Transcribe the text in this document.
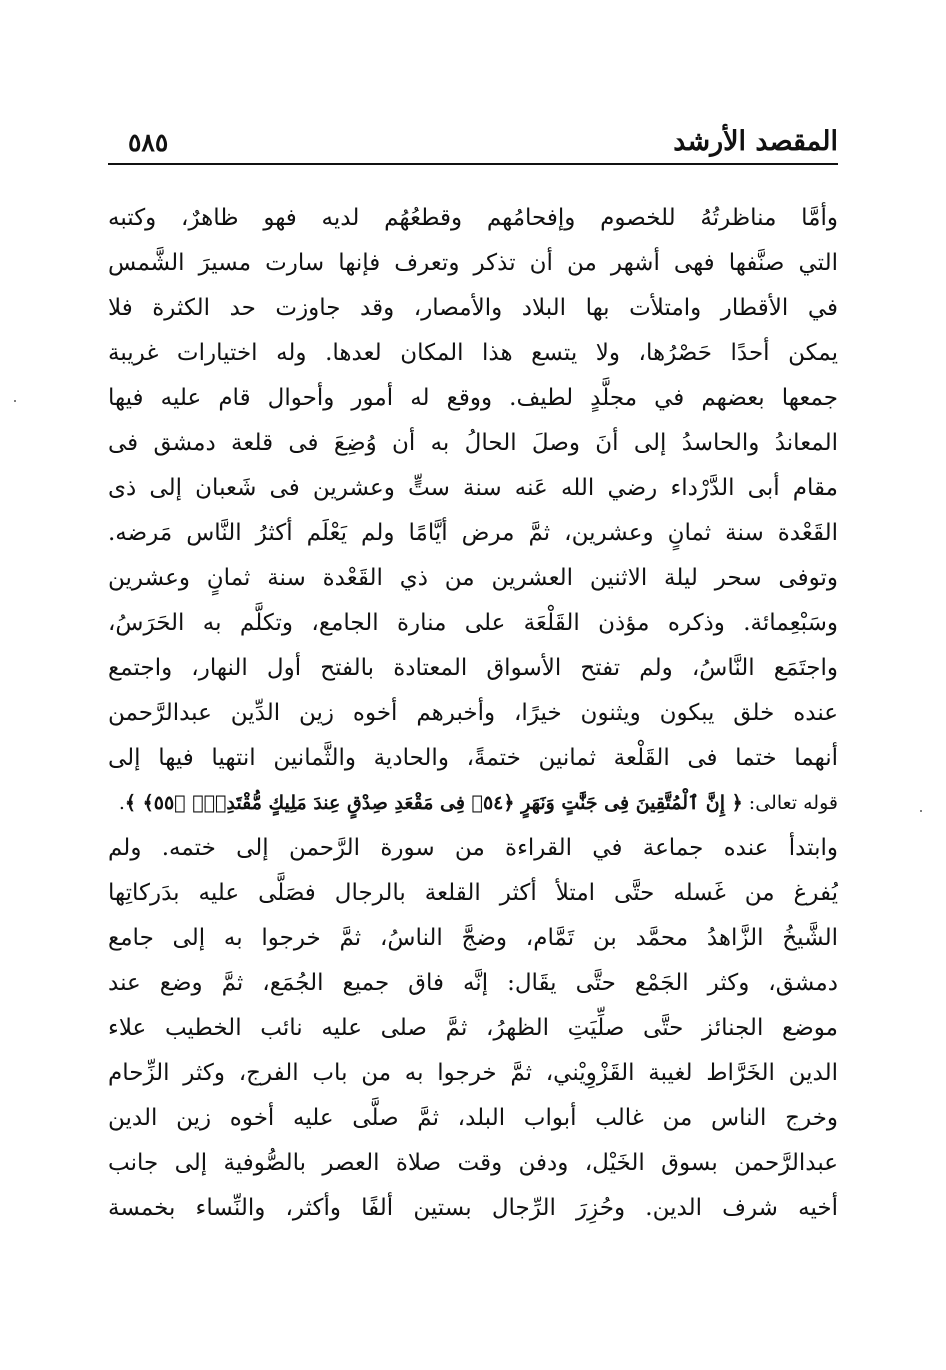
المقصد الأرشد
٥٨٥
وأمَّا مناظرتُهُ للخصوم وإفحامُهم وقطعُهُم لديه فهو ظاهرٌ، وكتبه
التي صنَّفها فهى أشهر من أن تذكر وتعرف فإنها سارت مسيرَ الشَّمس
في الأقطار وامتلأت بها البلاد والأمصار، وقد جاوزت حد الكثرة فلا
يمكن أحدًا حَصْرُها، ولا يتسع هذا المكان لعدها. وله اختيارات غريبة
جمعها بعضهم في مجلَّدٍ لطيف. ووقع له أمور وأحوال قام عليه فيها
المعاندُ والحاسدُ إلى أنَ وصلَ الحالُ به أن وُضِعَ فى قلعة دمشق فى
مقام أبى الدَّرْداء رضي الله عَنه سنة ستٍّ وعشرين فى شَعبان إلى ذى
القَعْدة سنة ثمانٍ وعشرين، ثمَّ مرض أيَّامًا ولم يَعْلَم أكثرُ النَّاس مَرضه.
وتوفى سحر ليلة الاثنين العشرين من ذي القَعْدة سنة ثمانٍ وعشرين
وسَبْعِمائة. وذكره مؤذن القَلْعَة على منارة الجامع، وتكلَّم به الحَرَسُ،
واجتَمَع النَّاسُ، ولم تفتح الأسواق المعتادة بالفتح أول النهار، واجتمع
عنده خلق يبكون ويثنون خيرًا، وأخبرهم أخوه زين الدِّين عبدالرَّحمن
أنهما ختما فى القَلْعة ثمانين ختمةً، والحادية والثَّمانين انتهيا فيها إلى
قوله تعالى: ﴿ إِنَّ ٱلْمُتَّقِينَ فِى جَنَّٰتٍ وَنَهَرٍ ﴿٥٤﴾ فِى مَقْعَدِ صِدْقٍ عِندَ مَلِيكٍ مُّقْتَدِرٍۭ ﴿٥٥﴾ ﴾.
وابتدأ عنده جماعة في القراءة من سورة الرَّحمن إلى ختمه. ولم
يُفرغ من غَسله حتَّى امتلأ أكثر القلعة بالرجال فصَلَّى عليه بدَركاتِها
الشَّيخُ الزَّاهدُ محمَّد بن تَمَّام، وضجَّ الناسُ، ثمَّ خرجوا به إلى جامع
دمشق، وكثر الجَمْع حتَّى يقَال: إنَّه فاق جميع الجُمَع، ثمَّ وضع عند
موضع الجنائز حتَّى صلِّيَتِ الظهرُ، ثمَّ صلى عليه نائب الخطيب علاء
الدين الخَرَّاط لغيبة القَزْوِيْني، ثمَّ خرجوا به من باب الفرج، وكثر الزِّحام
وخرج الناس من غالب أبواب البلد، ثمَّ صلَّى عليه أخوه زين الدين
عبدالرَّحمن بسوق الخَيْل، ودفن وقت صلاة العصر بالصُّوفية إلى جانب
أخيه شرف الدين. وحُزِرَ الرِّجال بستين ألفًا وأكثر، والنِّساء بخمسة
